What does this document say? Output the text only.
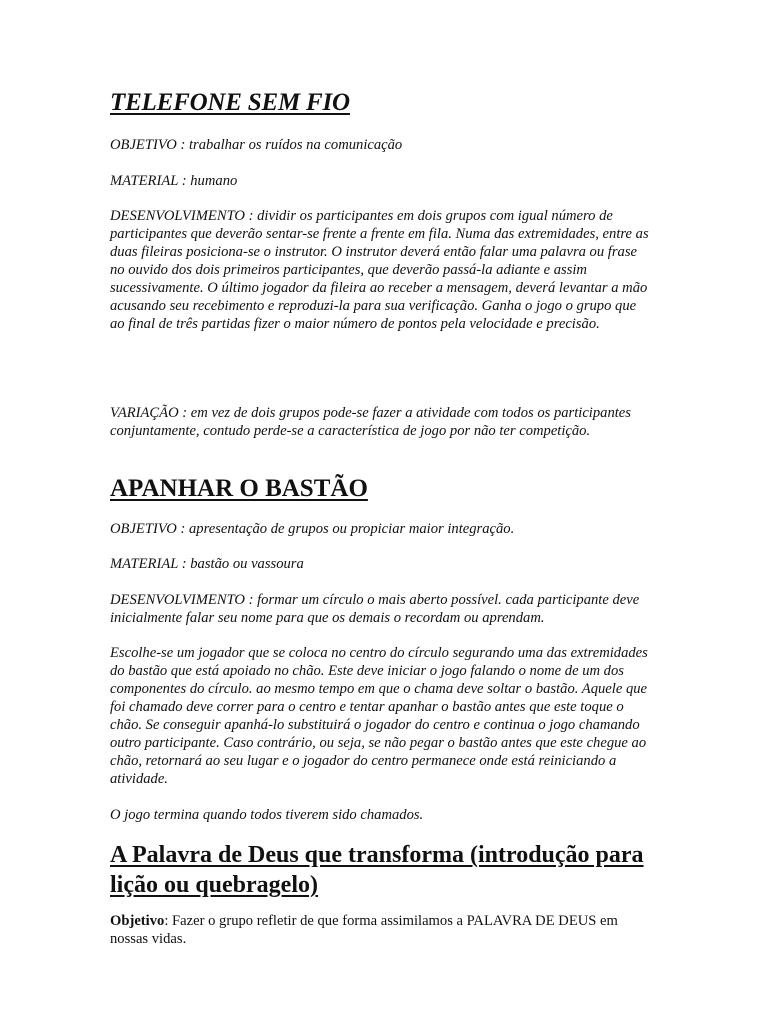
TELEFONE SEM FIO

OBJETIVO : trabalhar os ruídos na comunicação

MATERIAL : humano

DESENVOLVIMENTO : dividir os participantes em dois grupos com igual número de participantes que deverão sentar-se frente a frente em fila. Numa das extremidades, entre as duas fileiras posiciona-se o instrutor. O instrutor deverá então falar uma palavra ou frase no ouvido dos dois primeiros participantes, que deverão passá-la adiante e assim sucessivamente. O último jogador da fileira ao receber a mensagem, deverá levantar a mão acusando seu recebimento e reproduzi-la para sua verificação. Ganha o jogo o grupo que ao final de três partidas fizer o maior número de pontos pela velocidade e precisão.

VARIAÇÃO : em vez de dois grupos pode-se fazer a atividade com todos os participantes conjuntamente, contudo perde-se a característica de jogo por não ter competição.

APANHAR O BASTÃO

OBJETIVO : apresentação de grupos ou propiciar maior integração.

MATERIAL : bastão ou vassoura

DESENVOLVIMENTO : formar um círculo o mais aberto possível. cada participante deve inicialmente falar seu nome para que os demais o recordam ou aprendam.

Escolhe-se um jogador que se coloca no centro do círculo segurando uma das extremidades do bastão que está apoiado no chão. Este deve iniciar o jogo falando o nome de um dos componentes do círculo. ao mesmo tempo em que o chama deve soltar o bastão. Aquele que foi chamado deve correr para o centro e tentar apanhar o bastão antes que este toque o chão. Se conseguir apanhá-lo substituirá o jogador do centro e continua o jogo chamando outro participante. Caso contrário, ou seja, se não pegar o bastão antes que este chegue ao chão, retornará ao seu lugar e o jogador do centro permanece onde está reiniciando a atividade.

O jogo termina quando todos tiverem sido chamados.

A Palavra de Deus que transforma (introdução para lição ou quebragelo)

Objetivo: Fazer o grupo refletir de que forma assimilamos a PALAVRA DE DEUS em nossas vidas.
